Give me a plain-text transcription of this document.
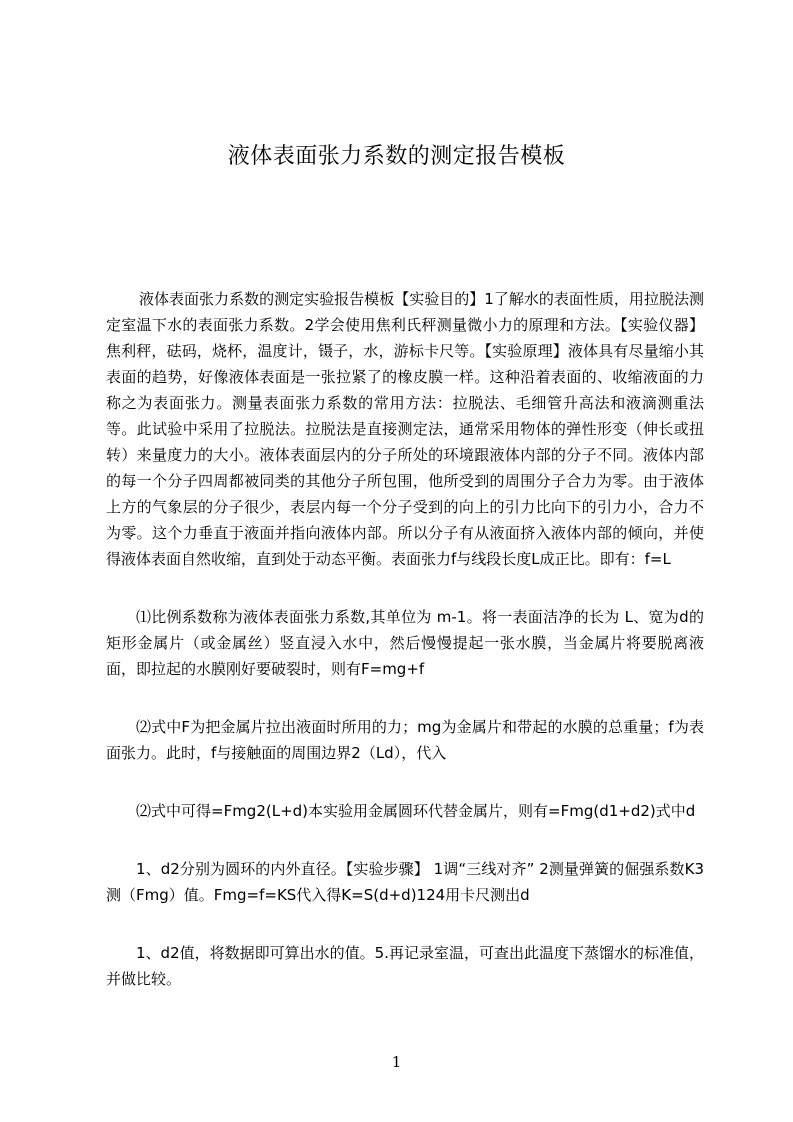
液体表面张力系数的测定报告模板

液体表面张力系数的测定实验报告模板【实验目的】1了解水的表面性质，用拉脱法测定室温下水的表面张力系数。2学会使用焦利氏秤测量微小力的原理和方法。【实验仪器】焦利秤，砝码，烧杯，温度计，镊子，水，游标卡尺等。【实验原理】液体具有尽量缩小其表面的趋势，好像液体表面是一张拉紧了的橡皮膜一样。这种沿着表面的、收缩液面的力称之为表面张力。测量表面张力系数的常用方法：拉脱法、毛细管升高法和液滴测重法等。此试验中采用了拉脱法。拉脱法是直接测定法，通常采用物体的弹性形变（伸长或扭转）来量度力的大小。液体表面层内的分子所处的环境跟液体内部的分子不同。液体内部的每一个分子四周都被同类的其他分子所包围，他所受到的周围分子合力为零。由于液体上方的气象层的分子很少，表层内每一个分子受到的向上的引力比向下的引力小，合力不为零。这个力垂直于液面并指向液体内部。所以分子有从液面挤入液体内部的倾向，并使得液体表面自然收缩，直到处于动态平衡。表面张力f与线段长度L成正比。即有：f=L

⑴比例系数称为液体表面张力系数,其单位为 m-1。将一表面洁净的长为 L、宽为d的矩形金属片（或金属丝）竖直浸入水中，然后慢慢提起一张水膜，当金属片将要脱离液面，即拉起的水膜刚好要破裂时，则有F=mg+f

⑵式中F为把金属片拉出液面时所用的力；mg为金属片和带起的水膜的总重量；f为表面张力。此时，f与接触面的周围边界2（Ld），代入

⑵式中可得=Fmg2(L+d)本实验用金属圆环代替金属片，则有=Fmg(d1+d2)式中d

1、d2分别为圆环的内外直径。【实验步骤】 1调“三线对齐” 2测量弹簧的倔强系数K3测（Fmg）值。Fmg=f=KS代入得K=S(d+d)124用卡尺测出d

1、d2值，将数据即可算出水的值。5.再记录室温，可查出此温度下蒸馏水的标准值，并做比较。

1
